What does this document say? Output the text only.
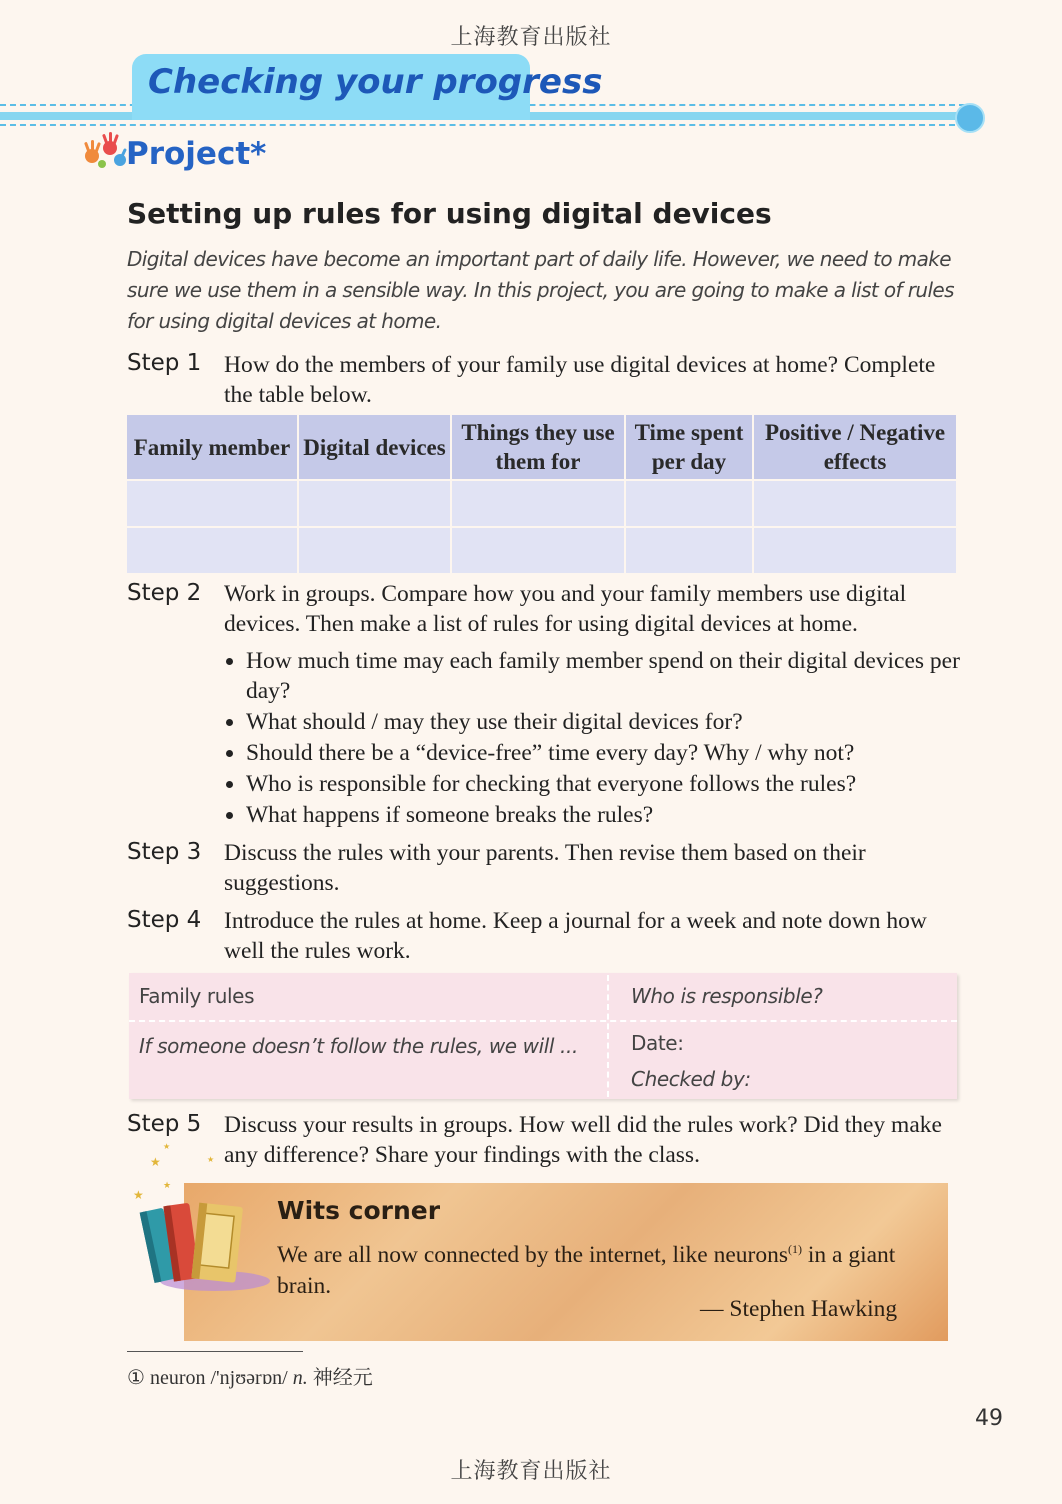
上海教育出版社
Checking your progress
Project*
Setting up rules for using digital devices
Digital devices have become an important part of daily life. However, we need to make sure we use them in a sensible way. In this project, you are going to make a list of rules for using digital devices at home.
Step 1 How do the members of your family use digital devices at home? Complete the table below.
Family member	Digital devices	Things they use them for	Time spent per day	Positive / Negative effects

Step 2 Work in groups. Compare how you and your family members use digital devices. Then make a list of rules for using digital devices at home.
• How much time may each family member spend on their digital devices per day?
• What should / may they use their digital devices for?
• Should there be a “device-free” time every day? Why / why not?
• Who is responsible for checking that everyone follows the rules?
• What happens if someone breaks the rules?
Step 3 Discuss the rules with your parents. Then revise them based on their suggestions.
Step 4 Introduce the rules at home. Keep a journal for a week and note down how well the rules work.
Family rules	Who is responsible?
If someone doesn’t follow the rules, we will ...	Date:
Checked by:
Step 5 Discuss your results in groups. How well did the rules work? Did they make any difference? Share your findings with the class.
★
★
★
★
★
Wits corner
We are all now connected by the internet, like neurons$^{(1)}$ in a giant brain.
— Stephen Hawking
① neuron /'njʊərɒn/ n. 神经元
49
上海教育出版社
